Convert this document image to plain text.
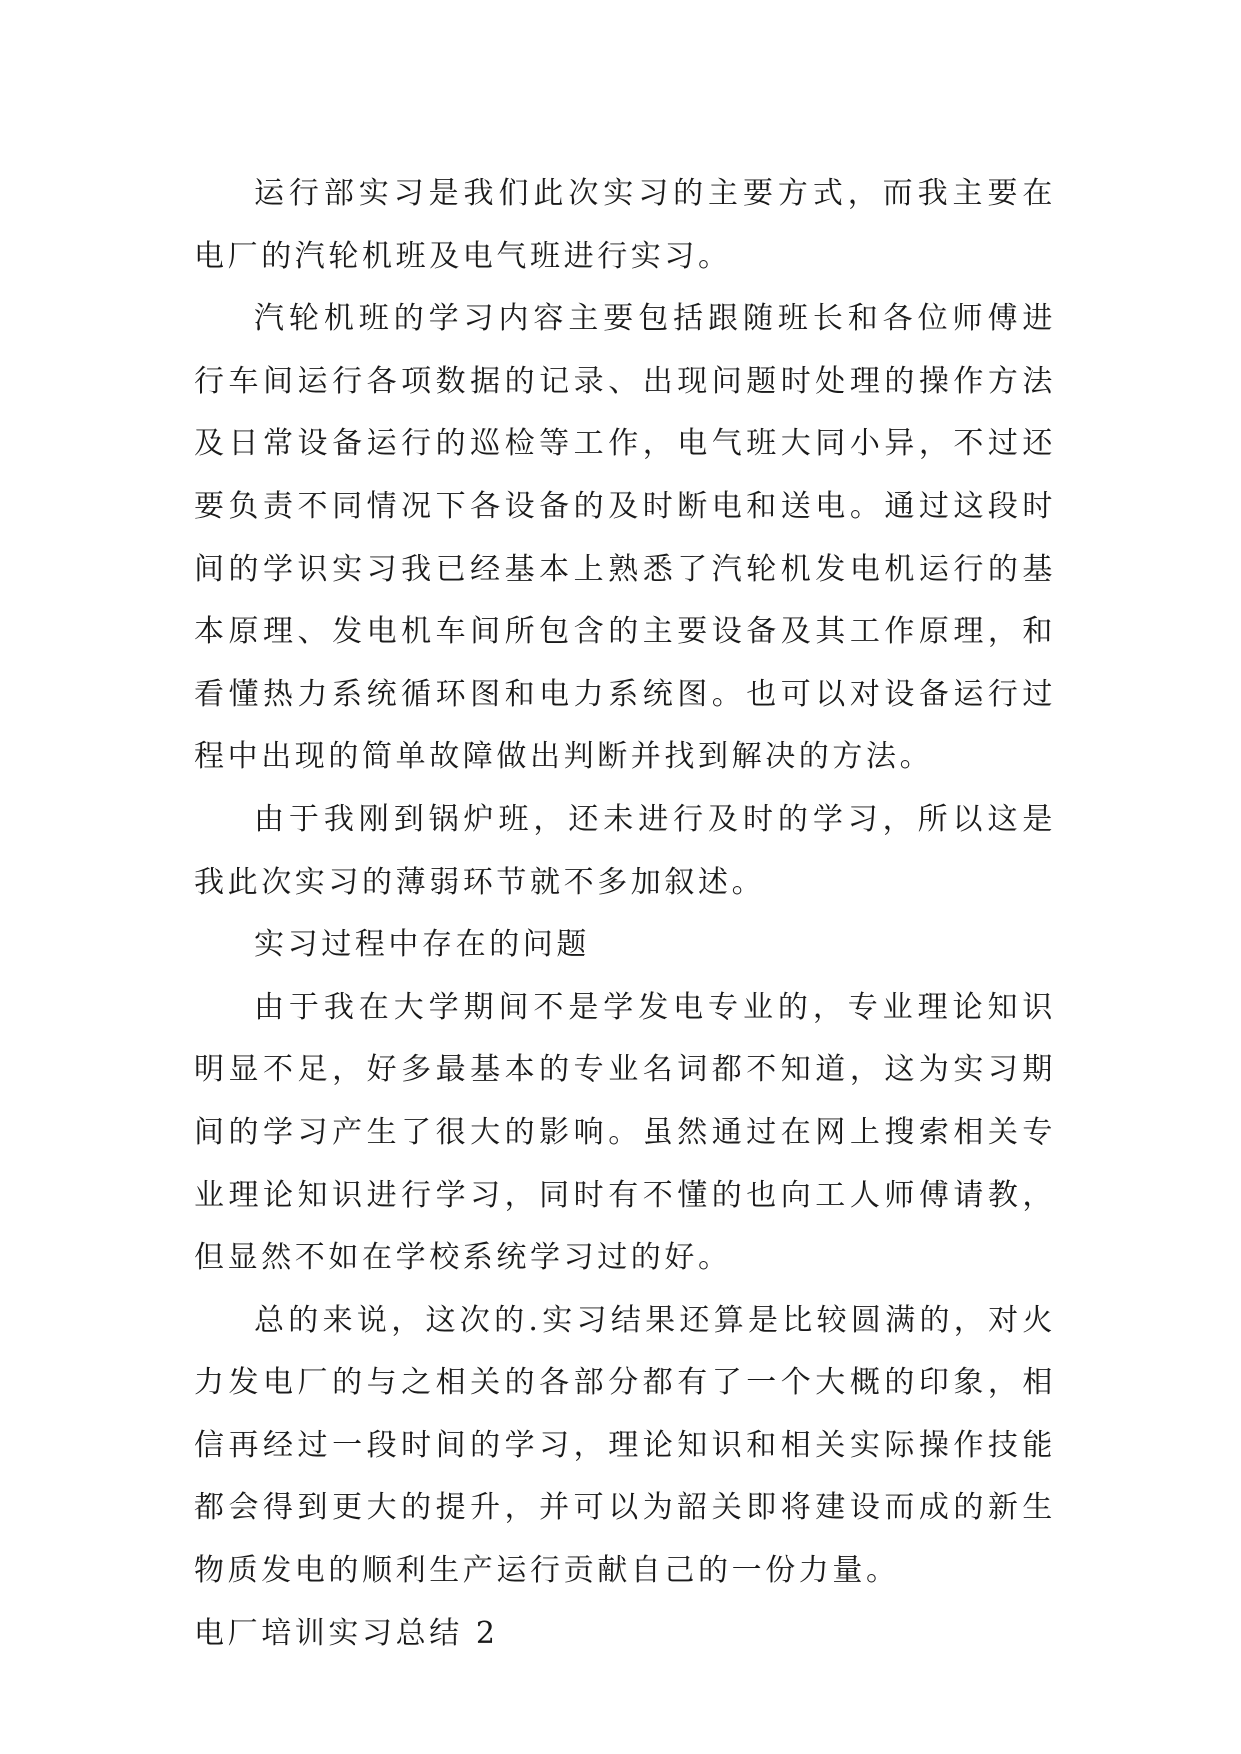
运行部实习是我们此次实习的主要方式，而我主要在电厂的汽轮机班及电气班进行实习。

汽轮机班的学习内容主要包括跟随班长和各位师傅进行车间运行各项数据的记录、出现问题时处理的操作方法及日常设备运行的巡检等工作，电气班大同小异，不过还要负责不同情况下各设备的及时断电和送电。通过这段时间的学识实习我已经基本上熟悉了汽轮机发电机运行的基本原理、发电机车间所包含的主要设备及其工作原理，和看懂热力系统循环图和电力系统图。也可以对设备运行过程中出现的简单故障做出判断并找到解决的方法。

由于我刚到锅炉班，还未进行及时的学习，所以这是我此次实习的薄弱环节就不多加叙述。

实习过程中存在的问题

由于我在大学期间不是学发电专业的，专业理论知识明显不足，好多最基本的专业名词都不知道，这为实习期间的学习产生了很大的影响。虽然通过在网上搜索相关专业理论知识进行学习，同时有不懂的也向工人师傅请教，但显然不如在学校系统学习过的好。

总的来说，这次的.实习结果还算是比较圆满的，对火力发电厂的与之相关的各部分都有了一个大概的印象，相信再经过一段时间的学习，理论知识和相关实际操作技能都会得到更大的提升，并可以为韶关即将建设而成的新生物质发电的顺利生产运行贡献自己的一份力量。

电厂培训实习总结 2
